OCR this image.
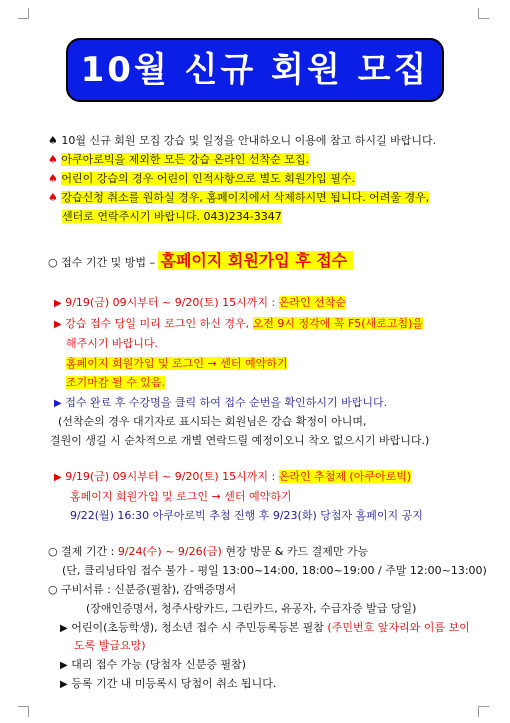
10월 신규 회원 모집
♠ 10월 신규 회원 모집 강습 및 일정을 안내하오니 이용에 참고 하시길 바랍니다.
♠ 아쿠아로빅을 제외한 모든 강습 온라인 선착순 모집.
♠ 어린이 강습의 경우 어린이 인적사항으로 별도 회원가입 필수.
♠ 강습신청 취소를 원하실 경우, 홈페이지에서 삭제하시면 됩니다. 어려울 경우,
센터로 연락주시기 바랍니다. 043)234-3347
○ 접수 기간 및 방법 – 홈페이지 회원가입 후 접수
▶ 9/19(금) 09시부터 ~ 9/20(토) 15시까지 : 온라인 선착순
▶ 강습 접수 당일 미리 로그인 하신 경우, 오전 9시 정각에 꼭 F5(새로고침)을
해주시기 바랍니다.
홈페이지 회원가입 및 로그인 → 센터 예약하기
조기마감 될 수 있음.
▶ 접수 완료 후 수강명을 클릭 하여 접수 순번을 확인하시기 바랍니다.
(선착순의 경우 대기자로 표시되는 회원님은 강습 확정이 아니며,
결원이 생길 시 순차적으로 개별 연락드릴 예정이오니 착오 없으시기 바랍니다.)
▶ 9/19(금) 09시부터 ~ 9/20(토) 15시까지 : 온라인 추첨제 (아쿠아로빅)
홈페이지 회원가입 및 로그인 → 센터 예약하기
9/22(월) 16:30 아쿠아로빅 추첨 진행 후 9/23(화) 당첨자 홈페이지 공지
○ 결제 기간 : 9/24(수) ~ 9/26(금) 현장 방문 & 카드 결제만 가능
(단, 클리닝타임 접수 불가 - 평일 13:00~14:00, 18:00~19:00 / 주말 12:00~13:00)
○ 구비서류 : 신분증(필참), 감액증명서
(장애인증명서, 청주사랑카드, 그린카드, 유공자, 수급자증 발급 당일)
▶ 어린이(초등학생), 청소년 접수 시 주민등록등본 필참 (주민번호 앞자리와 이름 보이
도록 발급요망)
▶ 대리 접수 가능 (당첨자 신분증 필참)
▶ 등록 기간 내 미등록시 당첨이 취소 됩니다.
